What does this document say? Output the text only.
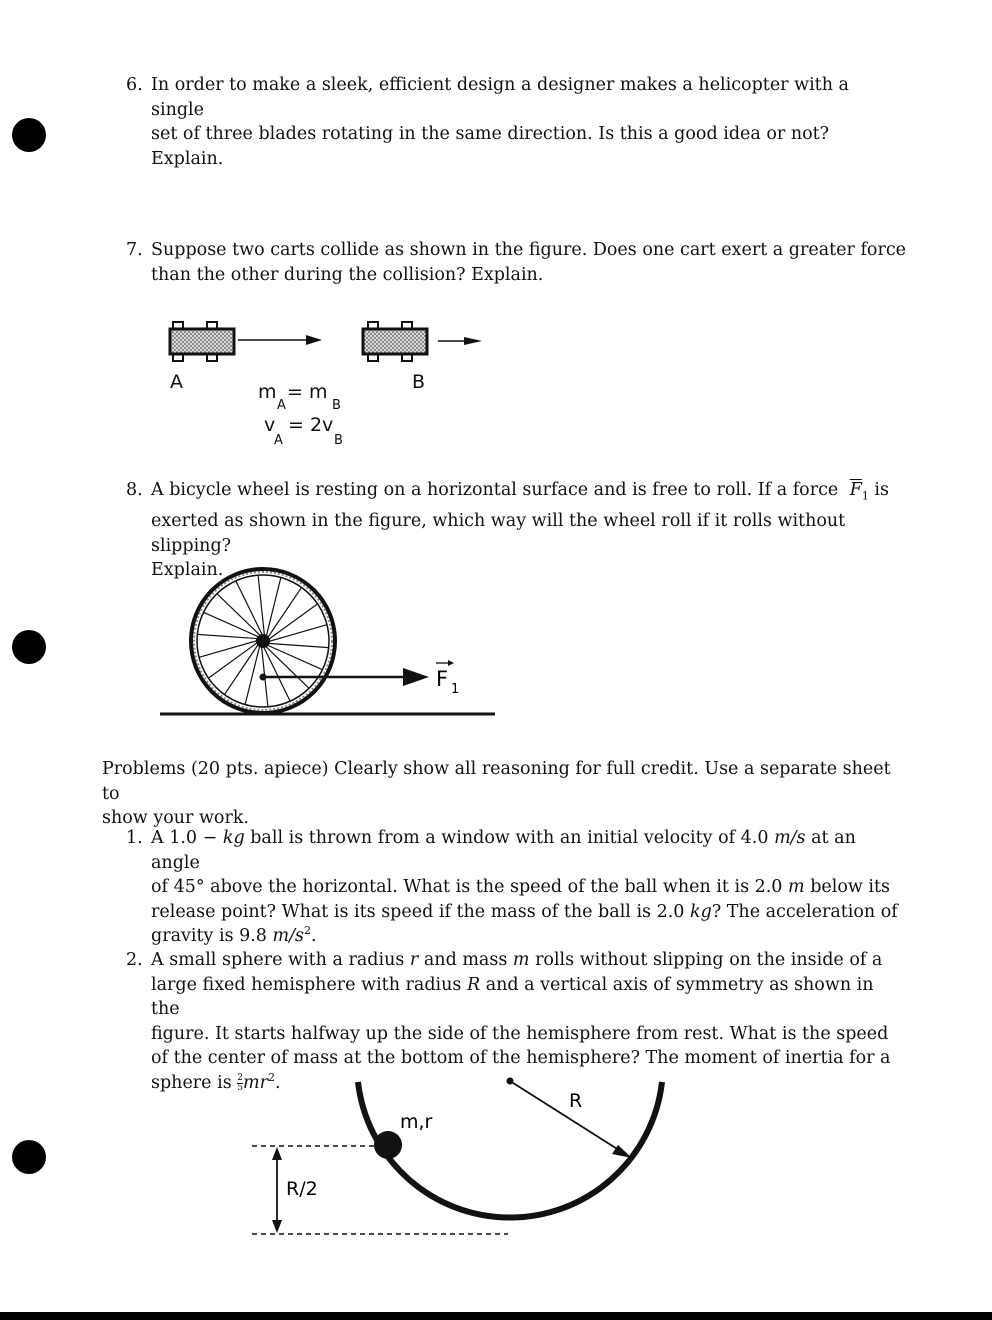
6. In order to make a sleek, efficient design a designer makes a helicopter with a single
set of three blades rotating in the same direction. Is this a good idea or not? Explain.
7. Suppose two carts collide as shown in the figure. Does one cart exert a greater force
than the other during the collision? Explain.
A	B
m
A
= m
B
v
A
= 2v
B
8. A bicycle wheel is resting on a horizontal surface and is free to roll. If a force $\overline{F}_1$ is
exerted as shown in the figure, which way will the wheel roll if it rolls without slipping?
Explain.
F 1
Problems (20 pts. apiece) Clearly show all reasoning for full credit. Use a separate sheet to
show your work.
1. A 1.0 − kg ball is thrown from a window with an initial velocity of 4.0 m/s at an angle
of 45° above the horizontal. What is the speed of the ball when it is 2.0 m below its
release point? What is its speed if the mass of the ball is 2.0 kg? The acceleration of
gravity is 9.8 $m/s^2$.
2. A small sphere with a radius r and mass m rolls without slipping on the inside of a
large fixed hemisphere with radius R and a vertical axis of symmetry as shown in the
figure. It starts halfway up the side of the hemisphere from rest. What is the speed
of the center of mass at the bottom of the hemisphere? The moment of inertia for a
sphere is $\frac{2}{5} mr^2$.
m,r
R
R/2
